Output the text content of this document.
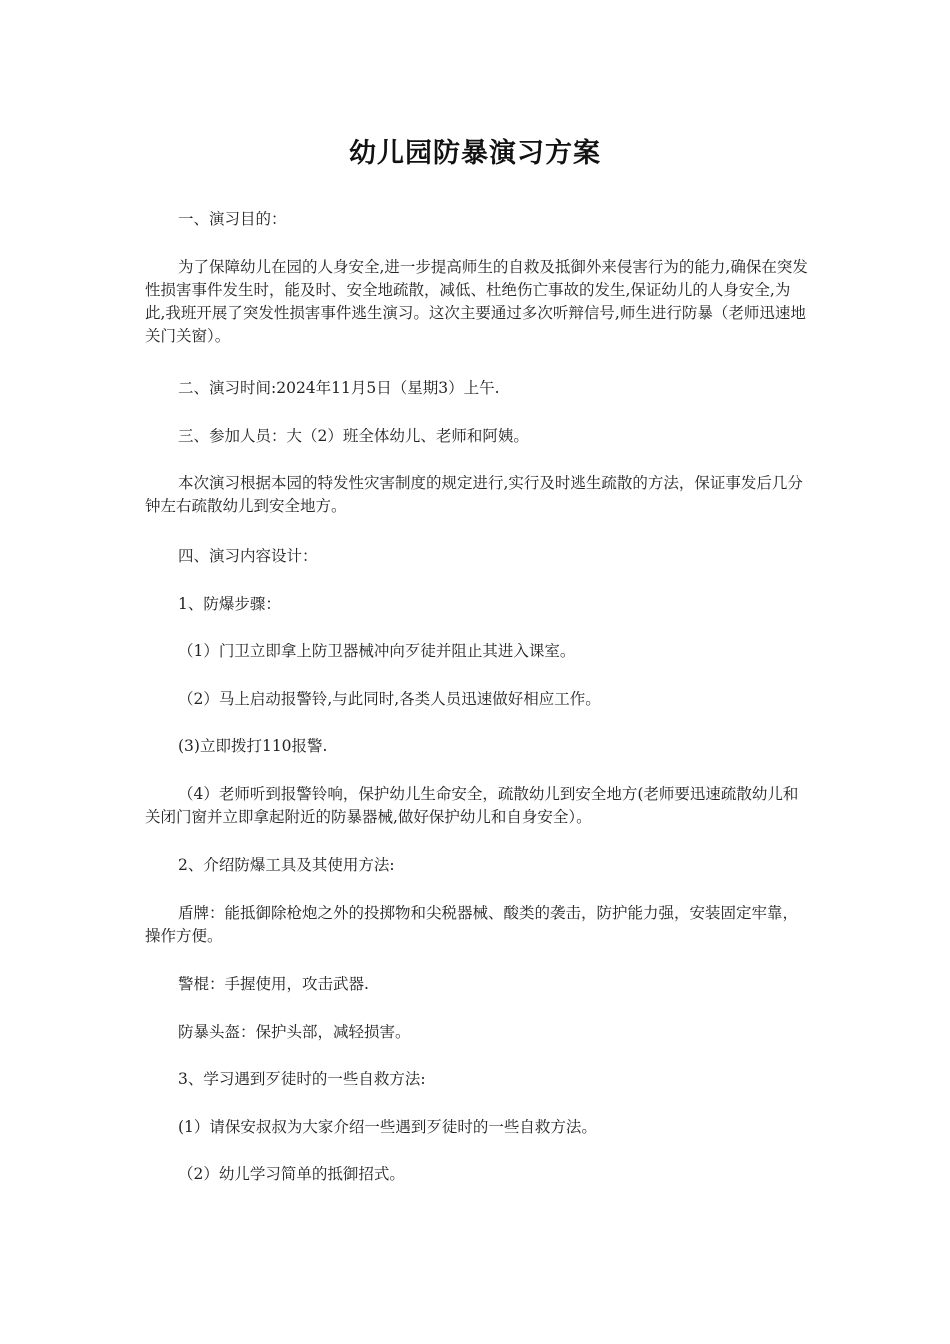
幼儿园防暴演习方案

一、演习目的：

为了保障幼儿在园的人身安全,进一步提高师生的自救及抵御外来侵害行为的能力,确保在突发性损害事件发生时，能及时、安全地疏散，减低、杜绝伤亡事故的发生,保证幼儿的人身安全,为此,我班开展了突发性损害事件逃生演习。这次主要通过多次听辩信号,师生进行防暴（老师迅速地关门关窗）。

二、演习时间:2024年11月5日（星期3）上午.

三、参加人员：大（2）班全体幼儿、老师和阿姨。

本次演习根据本园的特发性灾害制度的规定进行,实行及时逃生疏散的方法，保证事发后几分钟左右疏散幼儿到安全地方。

四、演习内容设计：

1、防爆步骤：

（1）门卫立即拿上防卫器械冲向歹徒并阻止其进入课室。

（2）马上启动报警铃,与此同时,各类人员迅速做好相应工作。

(3)立即拨打110报警.

（4）老师听到报警铃响，保护幼儿生命安全，疏散幼儿到安全地方(老师要迅速疏散幼儿和关闭门窗并立即拿起附近的防暴器械,做好保护幼儿和自身安全）。

2、介绍防爆工具及其使用方法:

盾牌：能抵御除枪炮之外的投掷物和尖税器械、酸类的袭击，防护能力强，安装固定牢靠，操作方便。

警棍：手握使用，攻击武器.

防暴头盔：保护头部，减轻损害。

3、学习遇到歹徒时的一些自救方法:

(1）请保安叔叔为大家介绍一些遇到歹徒时的一些自救方法。

（2）幼儿学习简单的抵御招式。
